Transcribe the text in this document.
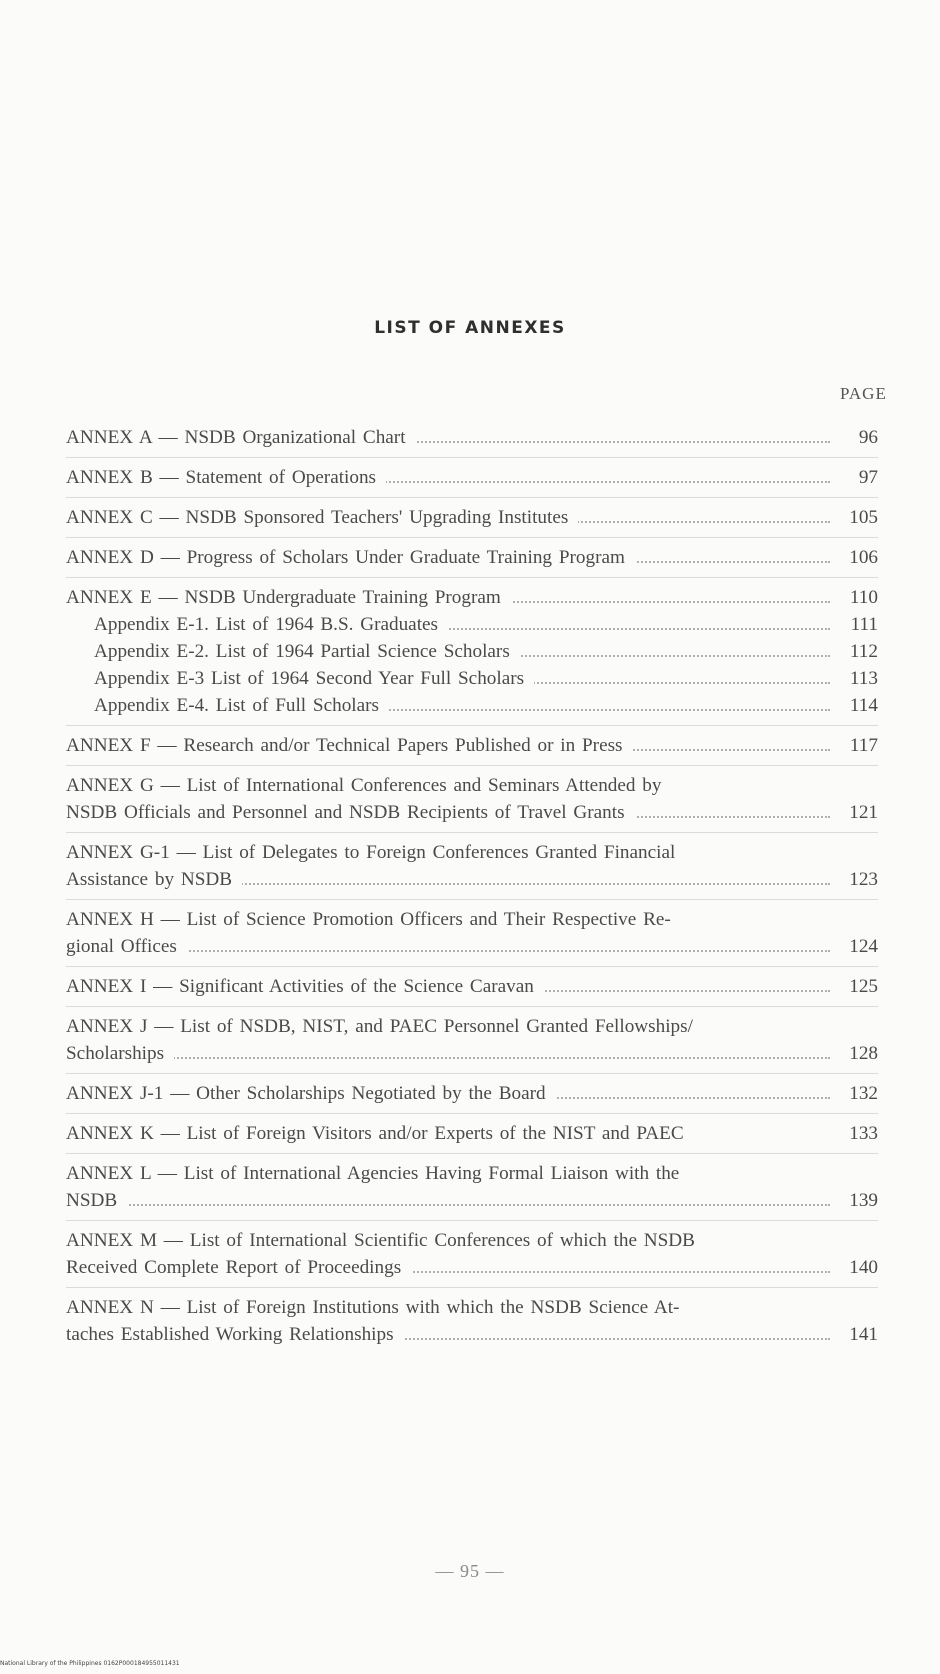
LIST OF ANNEXES
PAGE
ANNEX A — NSDB Organizational Chart	96
ANNEX B — Statement of Operations	97
ANNEX C — NSDB Sponsored Teachers' Upgrading Institutes	105
ANNEX D — Progress of Scholars Under Graduate Training Program	106
ANNEX E — NSDB Undergraduate Training Program	110
Appendix E-1. List of 1964 B.S. Graduates	111
Appendix E-2. List of 1964 Partial Science Scholars	112
Appendix E-3 List of 1964 Second Year Full Scholars	113
Appendix E-4. List of Full Scholars	114
ANNEX F — Research and/or Technical Papers Published or in Press	117
ANNEX G — List of International Conferences and Seminars Attended by
NSDB Officials and Personnel and NSDB Recipients of Travel Grants	121
ANNEX G-1 — List of Delegates to Foreign Conferences Granted Financial
Assistance by NSDB	123
ANNEX H — List of Science Promotion Officers and Their Respective Re-
gional Offices	124
ANNEX I — Significant Activities of the Science Caravan	125
ANNEX J — List of NSDB, NIST, and PAEC Personnel Granted Fellowships/
Scholarships	128
ANNEX J-1 — Other Scholarships Negotiated by the Board	132
ANNEX K — List of Foreign Visitors and/or Experts of the NIST and PAEC	133
ANNEX L — List of International Agencies Having Formal Liaison with the
NSDB	139
ANNEX M — List of International Scientific Conferences of which the NSDB
Received Complete Report of Proceedings	140
ANNEX N — List of Foreign Institutions with which the NSDB Science At-
taches Established Working Relationships	141
— 95 —
National Library of the Philippines 0162P000184955011431
